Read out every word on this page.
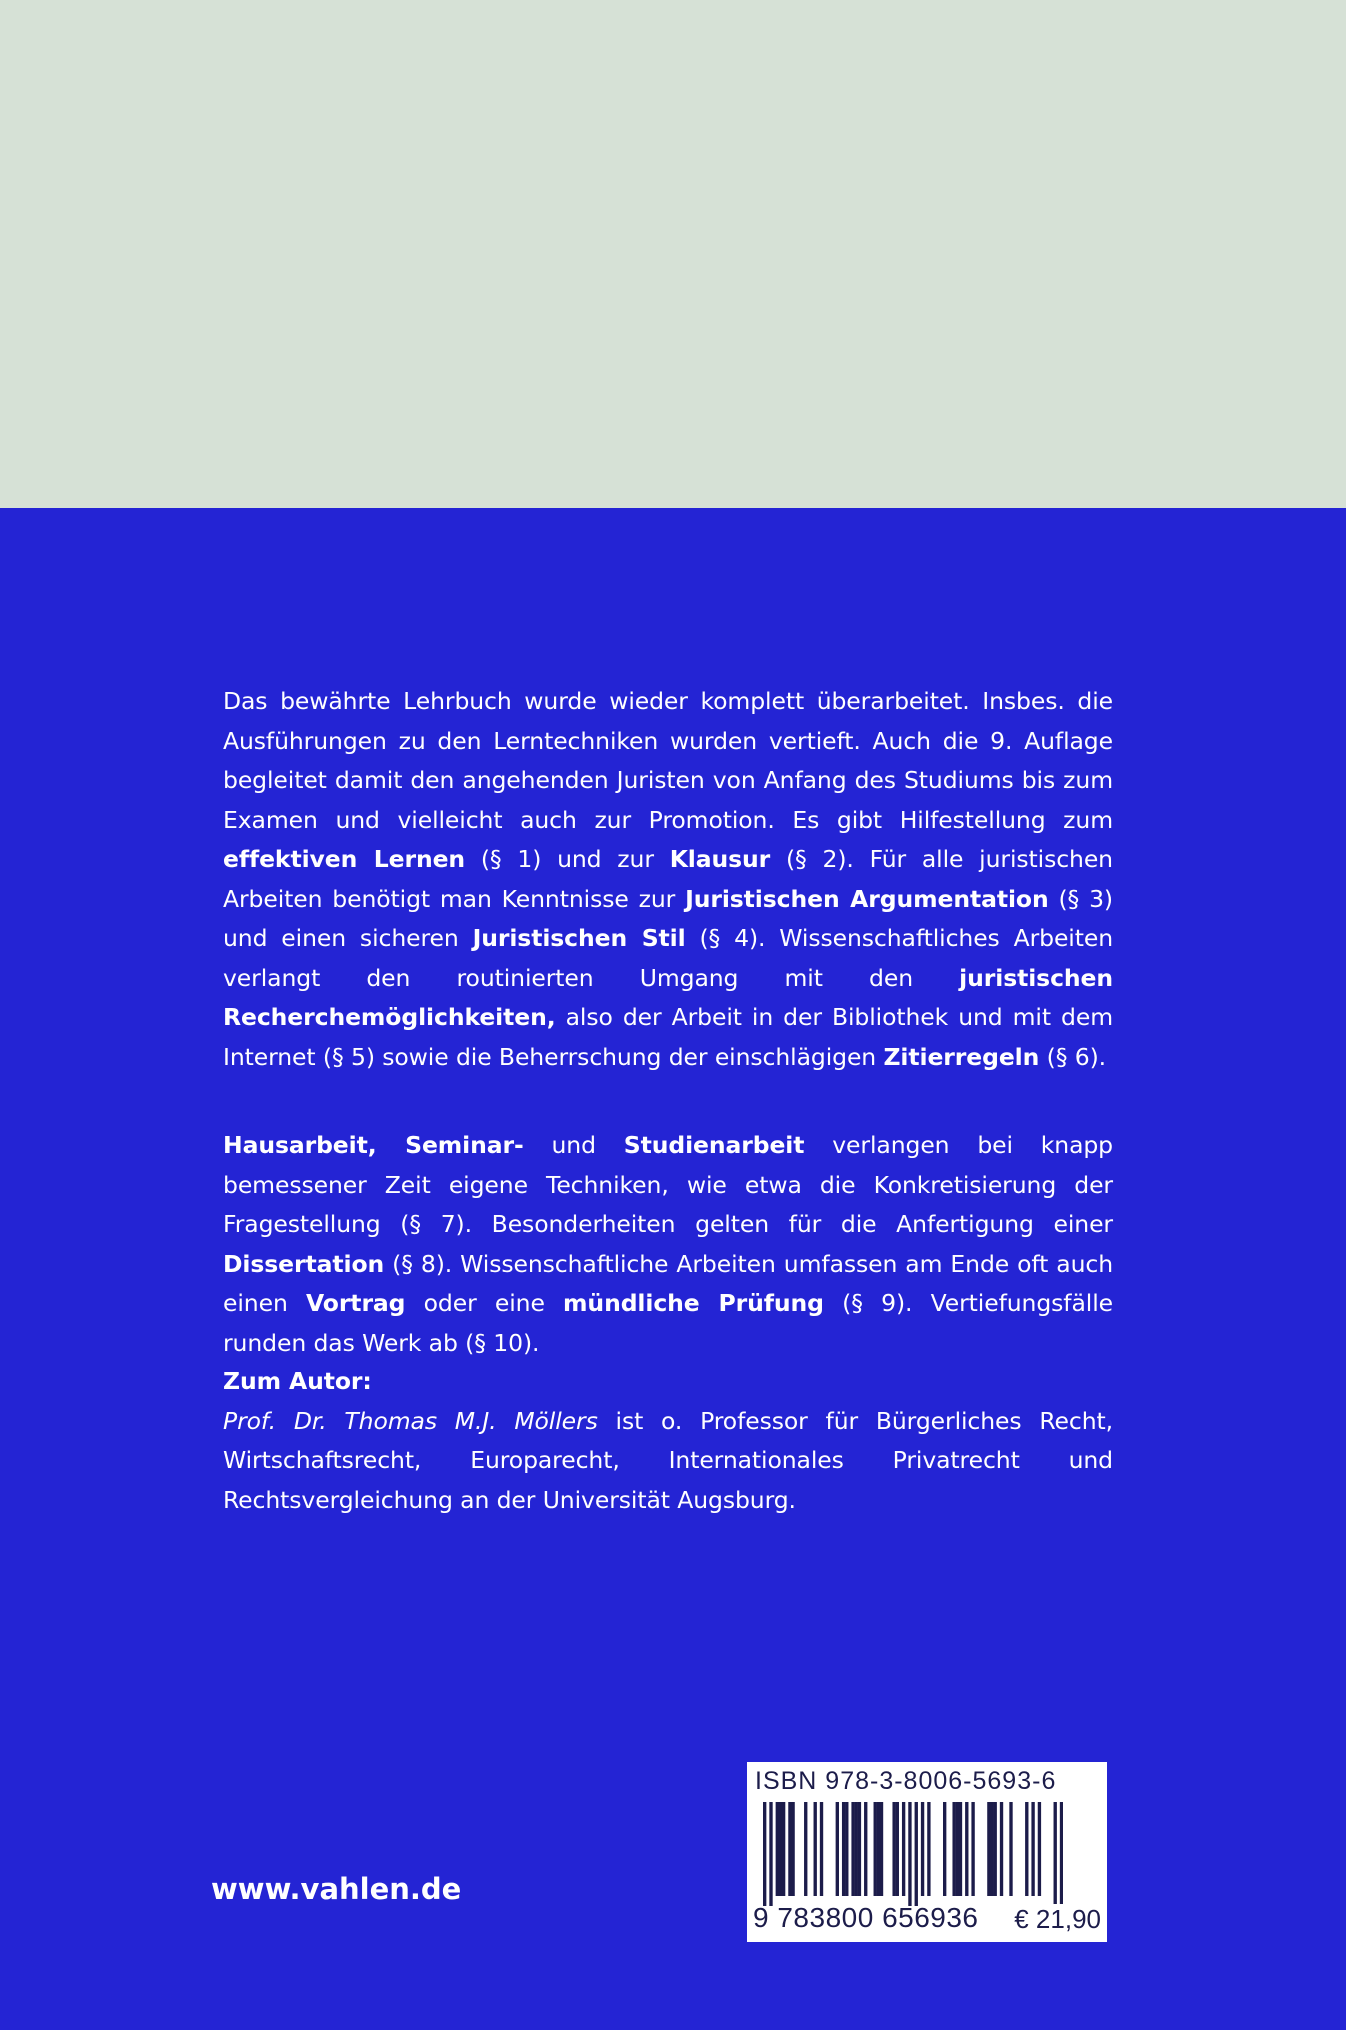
Das bewährte Lehrbuch wurde wieder komplett überarbeitet. Insbes. die Ausführungen zu den Lerntechniken wurden vertieft. Auch die 9. Auflage begleitet damit den angehenden Juristen von Anfang des Studiums bis zum Examen und vielleicht auch zur Promotion. Es gibt Hilfestellung zum effektiven Lernen (§ 1) und zur Klausur (§ 2). Für alle juristischen Arbeiten benötigt man Kenntnisse zur Juristischen Argumentation (§ 3) und einen sicheren Juristischen Stil (§ 4). Wissenschaftliches Arbeiten verlangt den routinierten Umgang mit den juristischen Recherchemöglichkeiten, also der Arbeit in der Bibliothek und mit dem Internet (§ 5) sowie die Beherrschung der einschlägigen Zitierregeln (§ 6).

Hausarbeit, Seminar- und Studienarbeit verlangen bei knapp bemessener Zeit eigene Techniken, wie etwa die Konkretisierung der Fragestellung (§ 7). Besonderheiten gelten für die Anfertigung einer Dissertation (§ 8). Wissenschaftliche Arbeiten umfassen am Ende oft auch einen Vortrag oder eine mündliche Prüfung (§ 9). Vertiefungsfälle runden das Werk ab (§ 10).

Zum Autor:
Prof. Dr. Thomas M.J. Möllers ist o. Professor für Bürgerliches Recht, Wirtschaftsrecht, Europarecht, Internationales Privatrecht und Rechtsvergleichung an der Universität Augsburg.

www.vahlen.de
ISBN 978-3-8006-5693-6
9 783800 656936 € 21,90
